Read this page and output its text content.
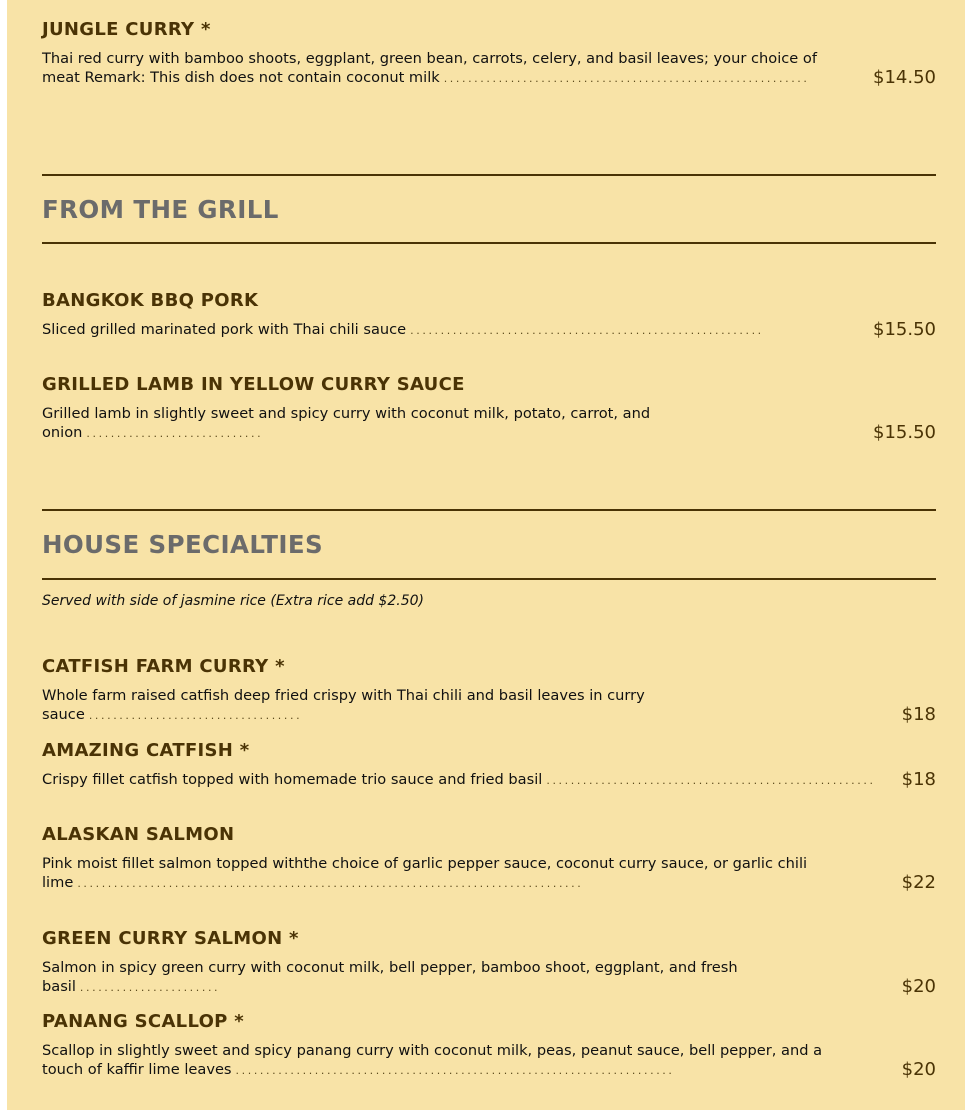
JUNGLE CURRY *
Thai red curry with bamboo shoots, eggplant, green bean, carrots, celery, and basil leaves; your choice of
meat Remark: This dish does not contain coconut milk ............................................................	$14.50
FROM THE GRILL
BANGKOK BBQ PORK
Sliced grilled marinated pork with Thai chili sauce ..........................................................	$15.50
GRILLED LAMB IN YELLOW CURRY SAUCE
Grilled lamb in slightly sweet and spicy curry with coconut milk, potato, carrot, and onion .............................	$15.50
HOUSE SPECIALTIES
Served with side of jasmine rice (Extra rice add $2.50)
CATFISH FARM CURRY *
Whole farm raised catfish deep fried crispy with Thai chili and basil leaves in curry sauce ...................................	$18
AMAZING CATFISH *
Crispy fillet catfish topped with homemade trio sauce and fried basil ......................................................	$18
ALASKAN SALMON
Pink moist fillet salmon topped withthe choice of garlic pepper sauce, coconut curry sauce, or garlic chili
lime ...................................................................................	$22
GREEN CURRY SALMON *
Salmon in spicy green curry with coconut milk, bell pepper, bamboo shoot, eggplant, and fresh basil .......................	$20
PANANG SCALLOP *
Scallop in slightly sweet and spicy panang curry with coconut milk, peas, peanut sauce, bell pepper, and a
touch of kaffir lime leaves ........................................................................	$20
